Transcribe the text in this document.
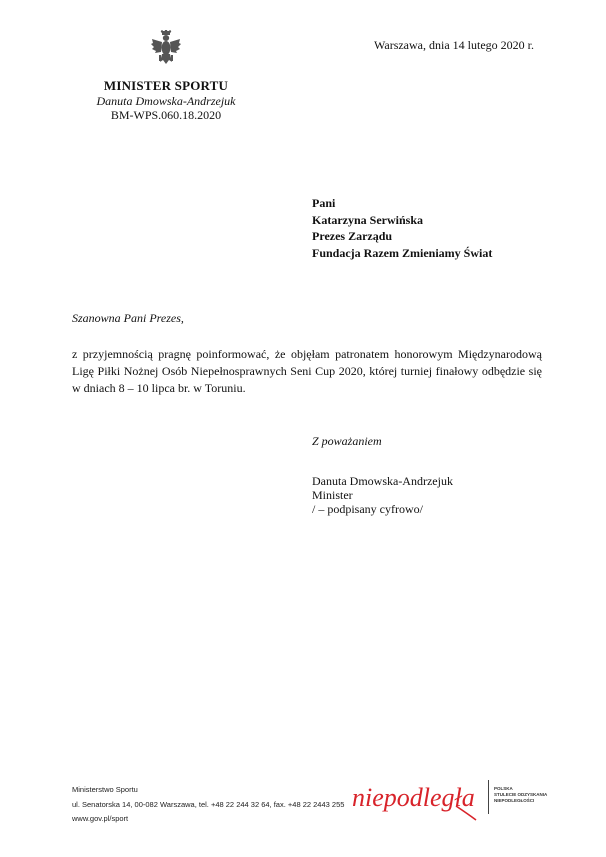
MINISTER SPORTU
Danuta Dmowska-Andrzejuk
BM-WPS.060.18.2020
Warszawa, dnia 14 lutego 2020 r.
Pani
Katarzyna Serwińska
Prezes Zarządu
Fundacja Razem Zmieniamy Świat
Szanowna Pani Prezes,
z przyjemnością pragnę poinformować, że objęłam patronatem honorowym Międzynarodową Ligę Piłki Nożnej Osób Niepełnosprawnych Seni Cup 2020, której turniej finałowy odbędzie się w dniach 8 – 10 lipca br. w Toruniu.
Z poważaniem
Danuta Dmowska-Andrzejuk
Minister
/ – podpisany cyfrowo/
Ministerstwo Sportu
ul. Senatorska 14, 00-082 Warszawa, tel. +48 22 244 32 64, fax. +48 22 2443 255
www.gov.pl/sport
niepodległa	POLSKA
STULECIE ODZYSKANIA
NIEPODLEGŁOŚCI
